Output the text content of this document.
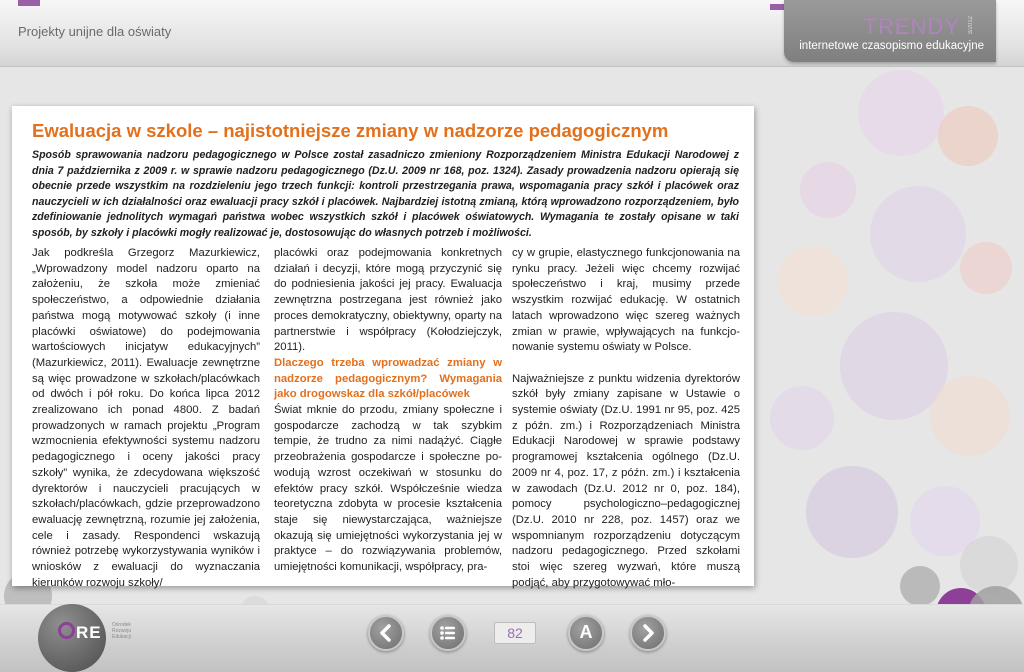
Projekty unijne dla oświaty	TRENDY 3/2012
internetowe czasopismo edukacyjne
Ewaluacja w szkole – najistotniejsze zmiany w nadzorze pedagogicznym

Sposób sprawowania nadzoru pedagogicznego w Polsce został zasadniczo zmieniony Rozporządzeniem Ministra Edukacji Narodowej z dnia 7 października z 2009 r. w sprawie nadzoru pedagogicznego (Dz.U. 2009 nr 168, poz. 1324). Zasady prowadzenia nadzoru opierają się obecnie przede wszystkim na rozdzieleniu jego trzech funkcji: kontroli przestrzegania prawa, wspomagania pracy szkół i placówek oraz nauczycieli w ich działalności oraz ewaluacji pracy szkół i placówek. Najbardziej istotną zmianą, którą wprowadzono rozporządzeniem, było zdefiniowanie jednolitych wymagań państwa wobec wszystkich szkół i placówek oświatowych. Wymagania te zostały opisane w taki sposób, by szkoły i placówki mogły realizować je, dostosowując do własnych potrzeb i możliwości.

Jak podkreśla Grzegorz Mazurkiewicz, „Wprowadzony model nadzoru oparto na założeniu, że szkoła może zmieniać społeczeństwo, a odpowiednie działania państwa mogą motywować szkoły (i inne placówki oświatowe) do podejmowania wartościowych inicjatyw edukacyjnych” (Mazurkiewicz, 2011). Ewaluacje zewnętrzne są więc prowadzone w szkołach/placówkach od dwóch i pół roku. Do końca lipca 2012 zrealizowano ich ponad 4800. Z badań prowadzonych w ramach projektu „Program wzmocnienia efektywności systemu nadzoru pedagogicznego i oceny jakości pracy szkoły” wynika, że zdecydowana większość dyrektorów i nauczycieli pracujących w szkołach/placówkach, gdzie przeprowadzono ewaluację zewnętrzną, rozumie jej założenia, cele i zasady. Respondenci wskazują również potrzebę wykorzystywania wyników i wniosków z ewaluacji do wyznaczania kierunków rozwoju szkoły/

placówki oraz podejmowania konkretnych działań i decyzji, które mogą przyczynić się do podniesienia jakości jej pracy. Ewaluacja zewnętrzna postrzegana jest również jako proces demokratyczny, obiektywny, oparty na partnerstwie i współpracy (Kołodziejczyk, 2011).

Dlaczego trzeba wprowadzać zmiany w nadzorze pedagogicznym? Wymagania jako drogowskaz dla szkół/placówek

Świat mknie do przodu, zmiany społeczne i gospodarcze zachodzą w tak szybkim tempie, że trudno za nimi nadążyć. Ciągłe przeobrażenia gospodarcze i społeczne powodują wzrost oczekiwań w stosunku do efektów pracy szkół. Współcześnie wiedza teoretyczna zdobyta w procesie kształcenia staje się niewystarczająca, ważniejsze okazują się umiejętności wykorzystania jej w praktyce – do rozwiązywania problemów, umiejętności komunikacji, współpracy, pra-

cy w grupie, elastycznego funkcjonowania na rynku pracy. Jeżeli więc chcemy rozwijać społeczeństwo i kraj, musimy przede wszystkim rozwijać edukację. W ostatnich latach wprowadzono więc szereg ważnych zmian w prawie, wpływających na funkcjonowanie systemu oświaty w Polsce.

Najważniejsze z punktu widzenia dyrektorów szkół były zmiany zapisane w Ustawie o systemie oświaty (Dz.U. 1991 nr 95, poz. 425 z późn. zm.) i Rozporządzeniach Ministra Edukacji Narodowej w sprawie podstawy programowej kształcenia ogólnego (Dz.U. 2009 nr 4, poz. 17, z późn. zm.) i kształcenia w zawodach (Dz.U. 2012 nr 0, poz. 184), pomocy psychologiczno–pedagogicznej (Dz.U. 2010 nr 228, poz. 1457) oraz we wspomnianym rozporządzeniu dotyczącym nadzoru pedagogicznego. Przed szkołami stoi więc szereg wyzwań, które muszą podjąć, aby przygotowywać mło-

RE Ośrodek Rozwoju Edukacji	82	A
